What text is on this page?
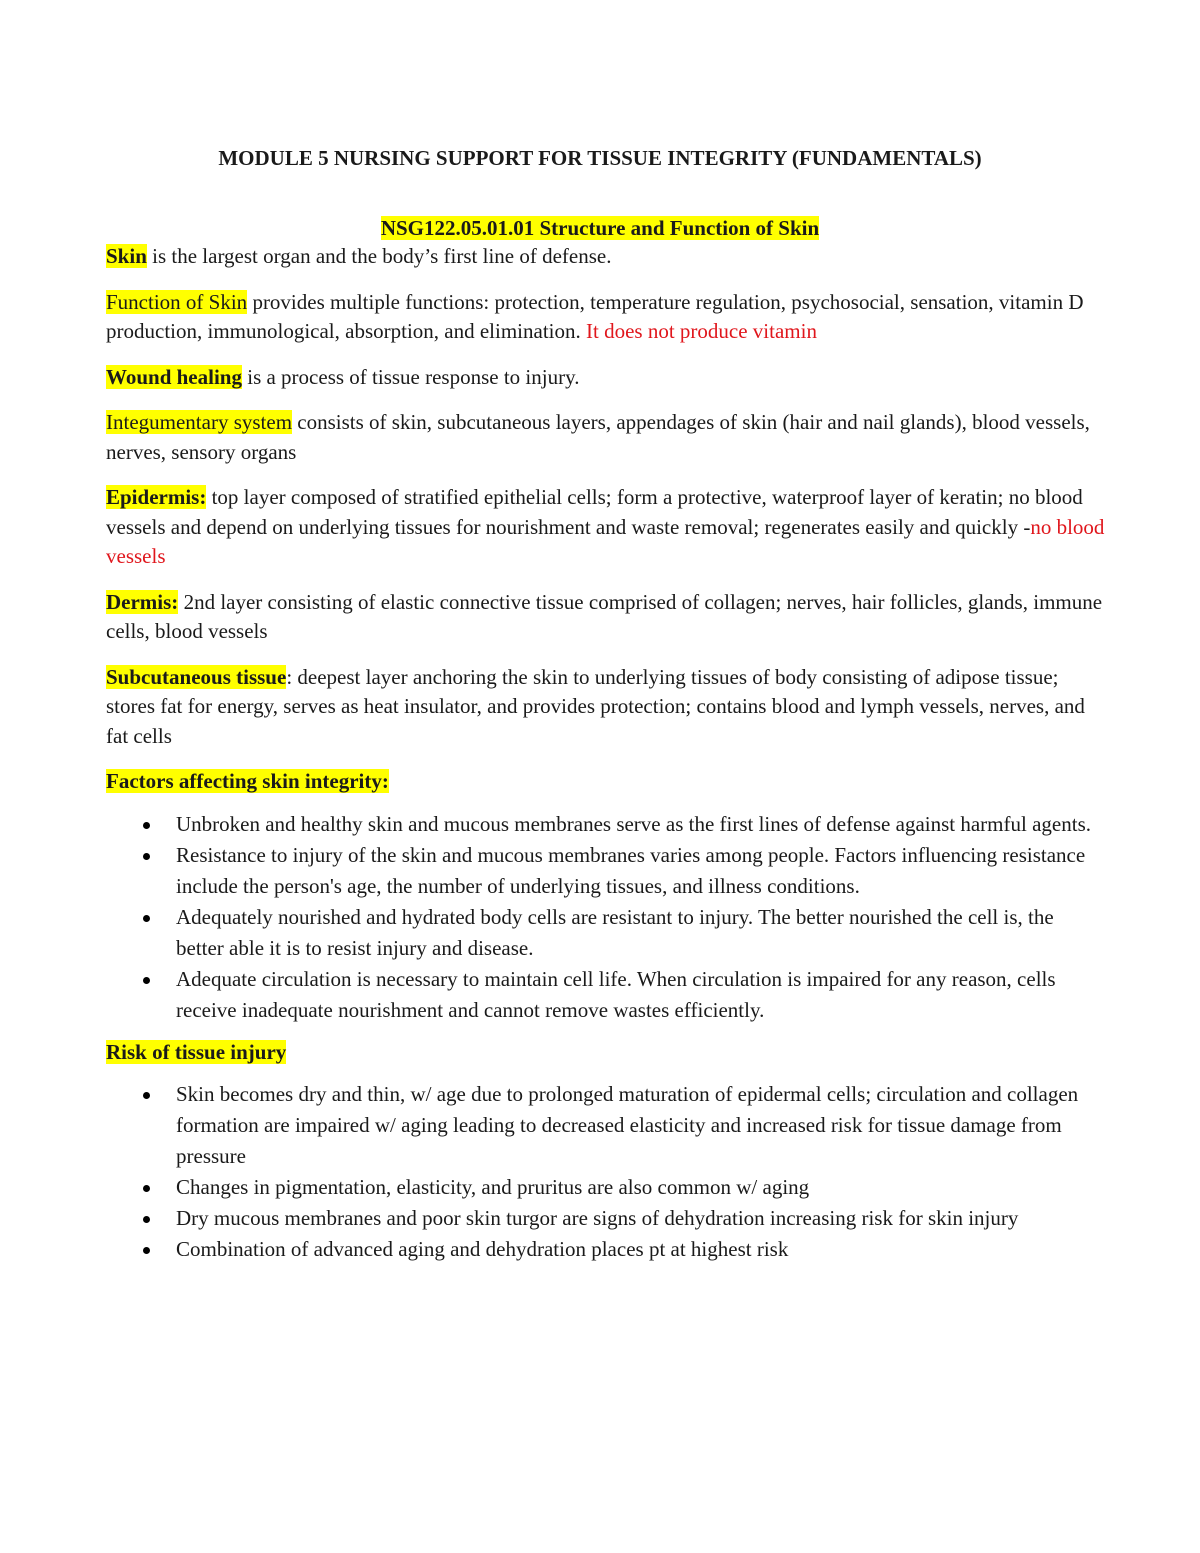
MODULE 5 NURSING SUPPORT FOR TISSUE INTEGRITY (FUNDAMENTALS)
NSG122.05.01.01 Structure and Function of Skin

Skin is the largest organ and the body’s first line of defense.

Function of Skin provides multiple functions: protection, temperature regulation, psychosocial, sensation, vitamin D production, immunological, absorption, and elimination. It does not produce vitamin

Wound healing is a process of tissue response to injury.

Integumentary system consists of skin, subcutaneous layers, appendages of skin (hair and nail glands), blood vessels, nerves, sensory organs

Epidermis: top layer composed of stratified epithelial cells; form a protective, waterproof layer of keratin; no blood vessels and depend on underlying tissues for nourishment and waste removal; regenerates easily and quickly -no blood vessels

Dermis: 2nd layer consisting of elastic connective tissue comprised of collagen; nerves, hair follicles, glands, immune cells, blood vessels

Subcutaneous tissue: deepest layer anchoring the skin to underlying tissues of body consisting of adipose tissue; stores fat for energy, serves as heat insulator, and provides protection; contains blood and lymph vessels, nerves, and fat cells

Factors affecting skin integrity:

Unbroken and healthy skin and mucous membranes serve as the first lines of defense against harmful agents.
Resistance to injury of the skin and mucous membranes varies among people. Factors influencing resistance include the person's age, the number of underlying tissues, and illness conditions.
Adequately nourished and hydrated body cells are resistant to injury. The better nourished the cell is, the better able it is to resist injury and disease.
Adequate circulation is necessary to maintain cell life. When circulation is impaired for any reason, cells receive inadequate nourishment and cannot remove wastes efficiently.

Risk of tissue injury

Skin becomes dry and thin, w/ age due to prolonged maturation of epidermal cells; circulation and collagen formation are impaired w/ aging leading to decreased elasticity and increased risk for tissue damage from pressure
Changes in pigmentation, elasticity, and pruritus are also common w/ aging
Dry mucous membranes and poor skin turgor are signs of dehydration increasing risk for skin injury
Combination of advanced aging and dehydration places pt at highest risk
